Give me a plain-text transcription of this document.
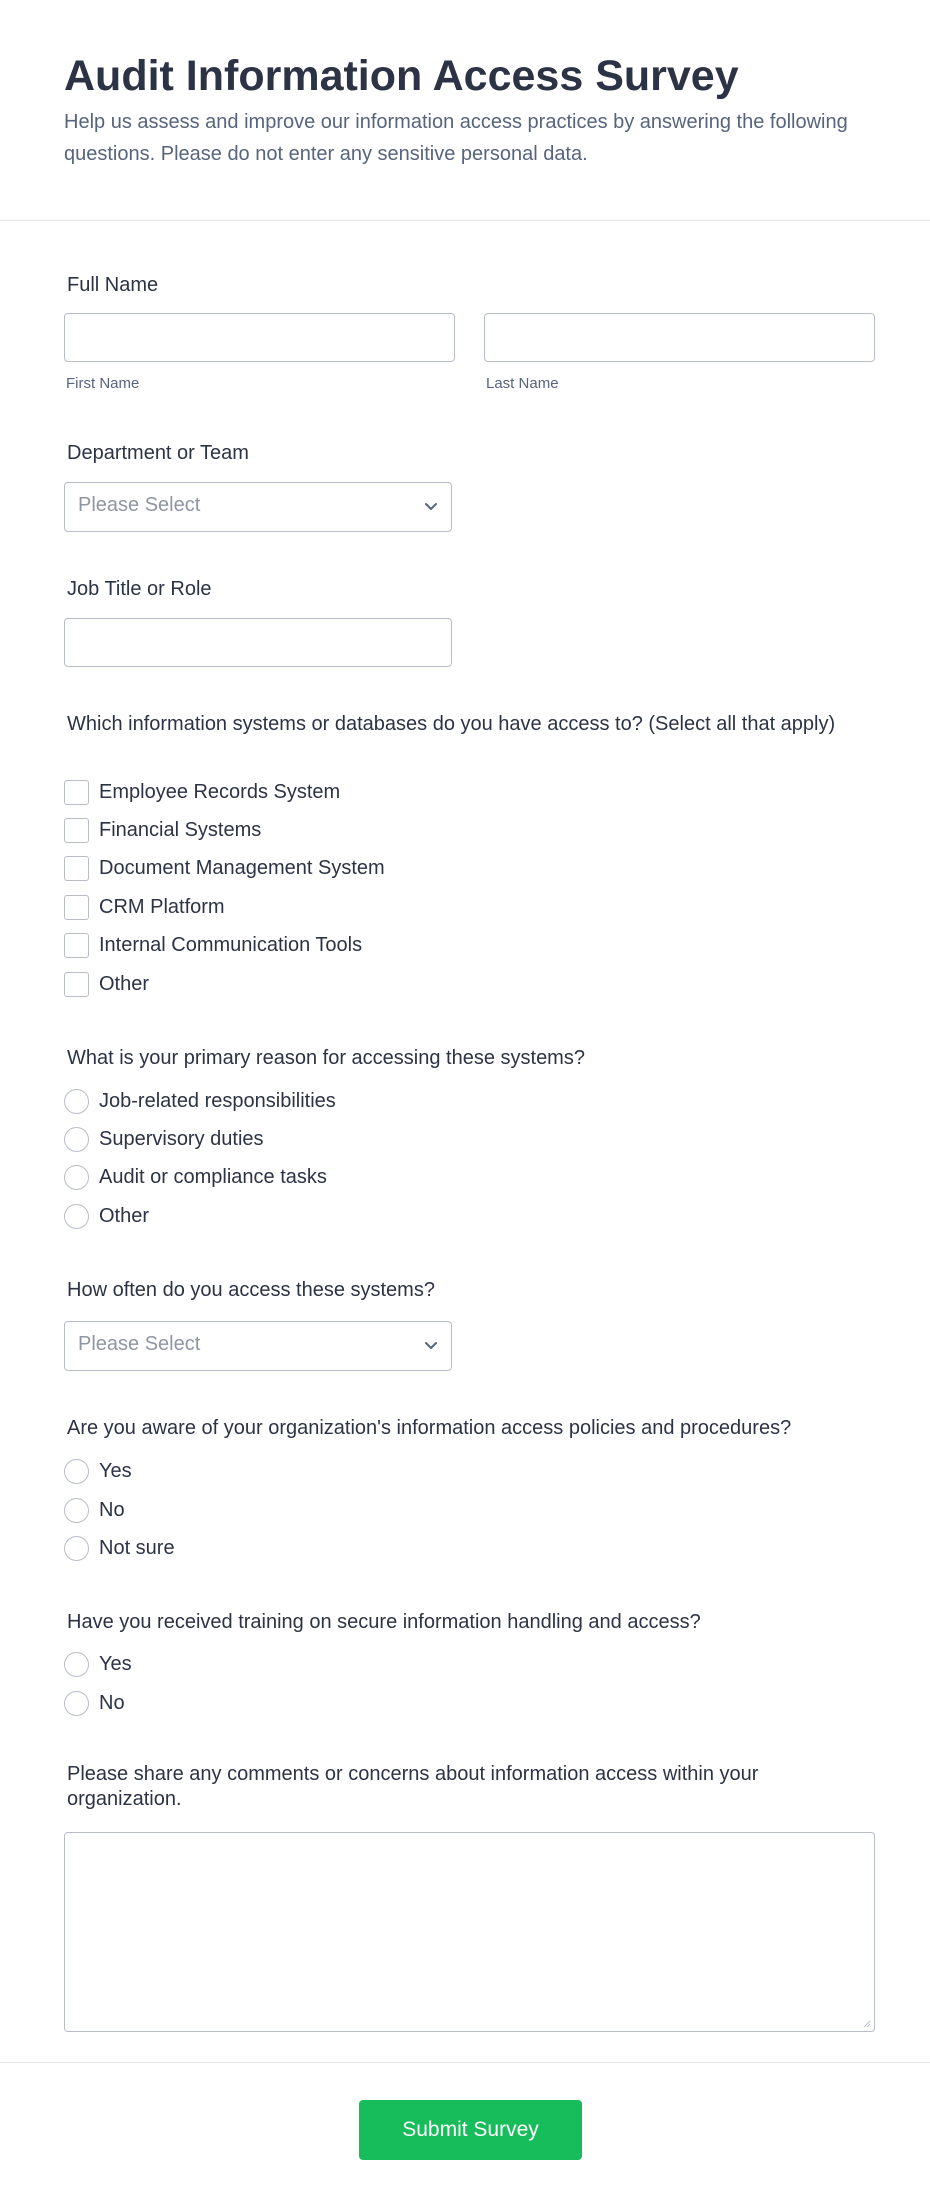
Audit Information Access Survey
Help us assess and improve our information access practices by answering the following questions. Please do not enter any sensitive personal data.
Full Name
First Name	Last Name
Department or Team
Please Select
Job Title or Role
Which information systems or databases do you have access to? (Select all that apply)
Employee Records System
Financial Systems
Document Management System
CRM Platform
Internal Communication Tools
Other
What is your primary reason for accessing these systems?
Job-related responsibilities
Supervisory duties
Audit or compliance tasks
Other
How often do you access these systems?
Please Select
Are you aware of your organization's information access policies and procedures?
Yes
No
Not sure
Please share any comments or concerns about information access within your organization.
Have you received training on secure information handling and access?
Yes
No
Submit Survey
